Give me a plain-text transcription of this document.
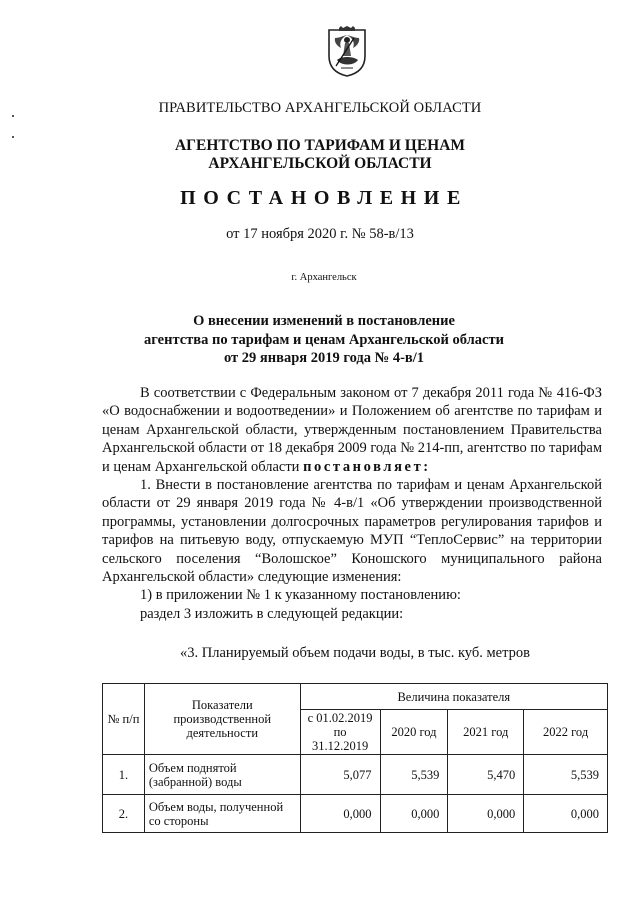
ПРАВИТЕЛЬСТВО АРХАНГЕЛЬСКОЙ ОБЛАСТИ
АГЕНТСТВО ПО ТАРИФАМ И ЦЕНАМ
АРХАНГЕЛЬСКОЙ ОБЛАСТИ
ПОСТАНОВЛЕНИЕ
от 17 ноября 2020 г. № 58-в/13
г. Архангельск
О внесении изменений в постановление
агентства по тарифам и ценам Архангельской области
от 29 января 2019 года № 4-в/1

В соответствии с Федеральным законом от 7 декабря 2011 года № 416-ФЗ «О водоснабжении и водоотведении» и Положением об агентстве по тарифам и ценам Архангельской области, утвержденным постановлением Правительства Архангельской области от 18 декабря 2009 года № 214-пп, агентство по тарифам и ценам Архангельской области постановляет:

1. Внести в постановление агентства по тарифам и ценам Архангельской области от 29 января 2019 года № 4-в/1 «Об утверждении производственной программы, установлении долгосрочных параметров регулирования тарифов и тарифов на питьевую воду, отпускаемую МУП “ТеплоСервис” на территории сельского поселения “Волошское” Коношского муниципального района Архангельской области» следующие изменения:

1) в приложении № 1 к указанному постановлению:

раздел 3 изложить в следующей редакции:

«3. Планируемый объем подачи воды, в тыс. куб. метров
№ п/п	Показатели производственной деятельности	Величина показателя			
		с 01.02.2019 по 31.12.2019	2020 год	2021 год	2022 год
1.	Объем поднятой (забранной) воды	5,077	5,539	5,470	5,539
2.	Объем воды, полученной со стороны	0,000	0,000	0,000	0,000
